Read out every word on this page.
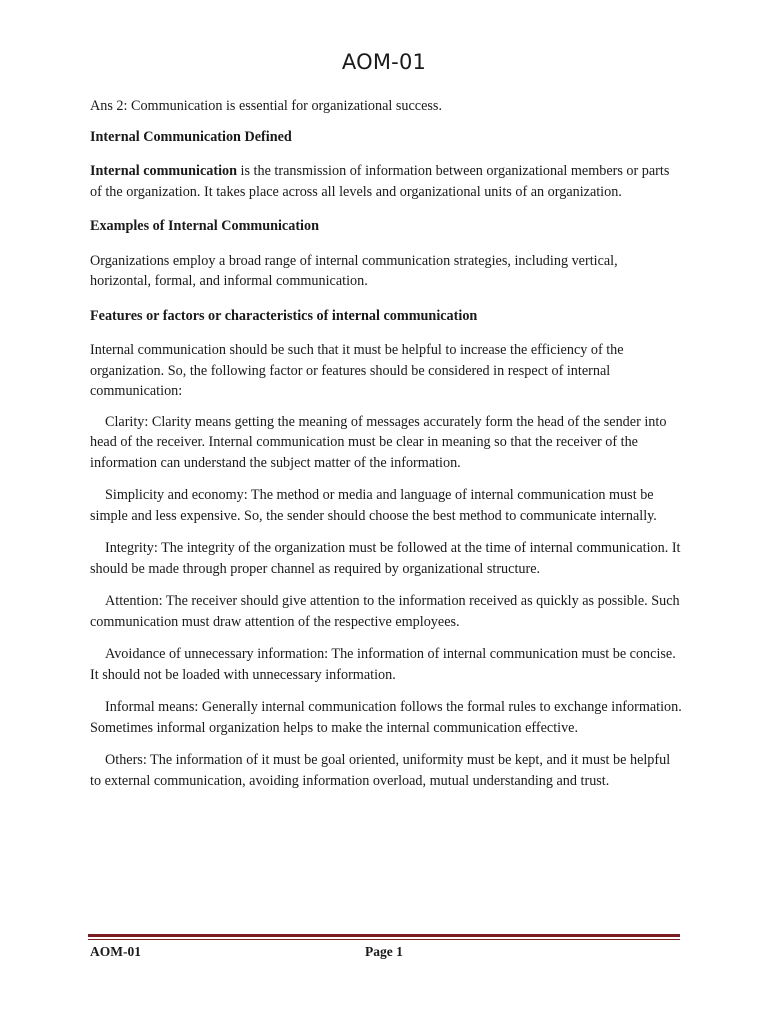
AOM-01

Ans 2: Communication is essential for organizational success.

Internal Communication Defined

Internal communication is the transmission of information between organizational members or parts of the organization. It takes place across all levels and organizational units of an organization.

Examples of Internal Communication

Organizations employ a broad range of internal communication strategies, including vertical, horizontal, formal, and informal communication.

Features or factors or characteristics of internal communication

Internal communication should be such that it must be helpful to increase the efficiency of the organization. So, the following factor or features should be considered in respect of internal communication:

Clarity: Clarity means getting the meaning of messages accurately form the head of the sender into head of the receiver. Internal communication must be clear in meaning so that the receiver of the information can understand the subject matter of the information.

Simplicity and economy: The method or media and language of internal communication must be simple and less expensive. So, the sender should choose the best method to communicate internally.

Integrity: The integrity of the organization must be followed at the time of internal communication. It should be made through proper channel as required by organizational structure.

Attention: The receiver should give attention to the information received as quickly as possible. Such communication must draw attention of the respective employees.

Avoidance of unnecessary information: The information of internal communication must be concise. It should not be loaded with unnecessary information.

Informal means: Generally internal communication follows the formal rules to exchange information. Sometimes informal organization helps to make the internal communication effective.

Others: The information of it must be goal oriented, uniformity must be kept, and it must be helpful to external communication, avoiding information overload, mutual understanding and trust.

AOM-01	Page 1
